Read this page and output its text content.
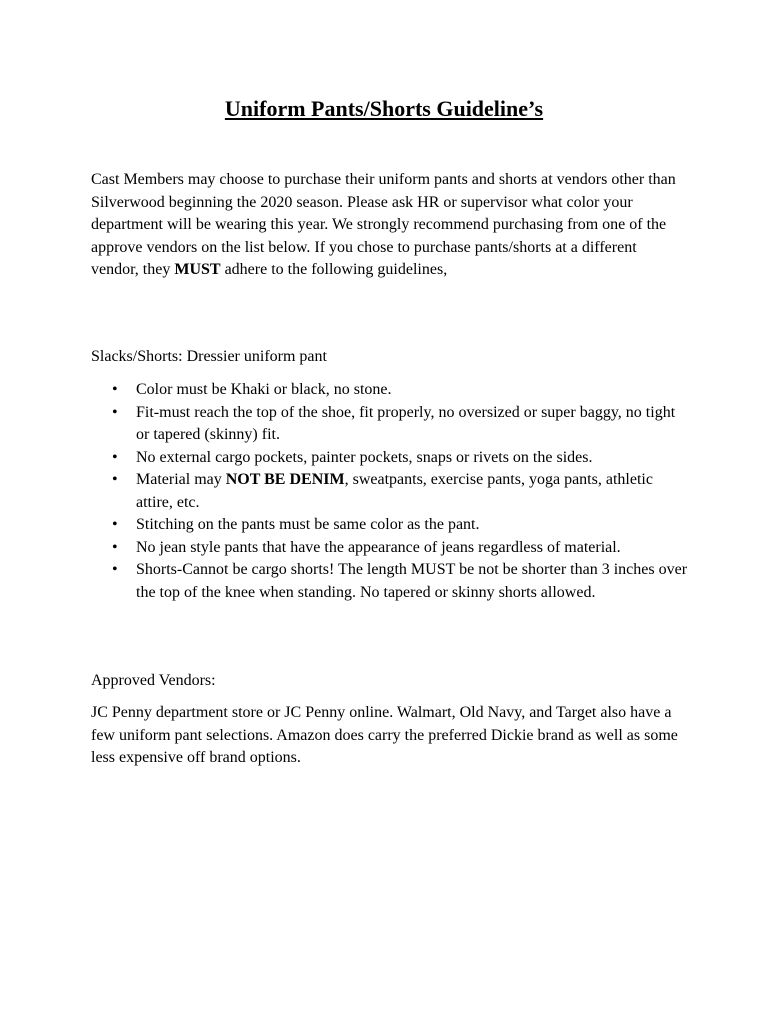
Uniform Pants/Shorts Guideline’s

Cast Members may choose to purchase their uniform pants and shorts at vendors other than Silverwood beginning the 2020 season. Please ask HR or supervisor what color your department will be wearing this year. We strongly recommend purchasing from one of the approve vendors on the list below. If you chose to purchase pants/shorts at a different vendor, they MUST adhere to the following guidelines,

Slacks/Shorts: Dressier uniform pant

• Color must be Khaki or black, no stone.
• Fit-must reach the top of the shoe, fit properly, no oversized or super baggy, no tight or tapered (skinny) fit.
• No external cargo pockets, painter pockets, snaps or rivets on the sides.
• Material may NOT BE DENIM, sweatpants, exercise pants, yoga pants, athletic attire, etc.
• Stitching on the pants must be same color as the pant.
• No jean style pants that have the appearance of jeans regardless of material.
• Shorts-Cannot be cargo shorts! The length MUST be not be shorter than 3 inches over the top of the knee when standing. No tapered or skinny shorts allowed.

Approved Vendors:

JC Penny department store or JC Penny online. Walmart, Old Navy, and Target also have a few uniform pant selections. Amazon does carry the preferred Dickie brand as well as some less expensive off brand options.
